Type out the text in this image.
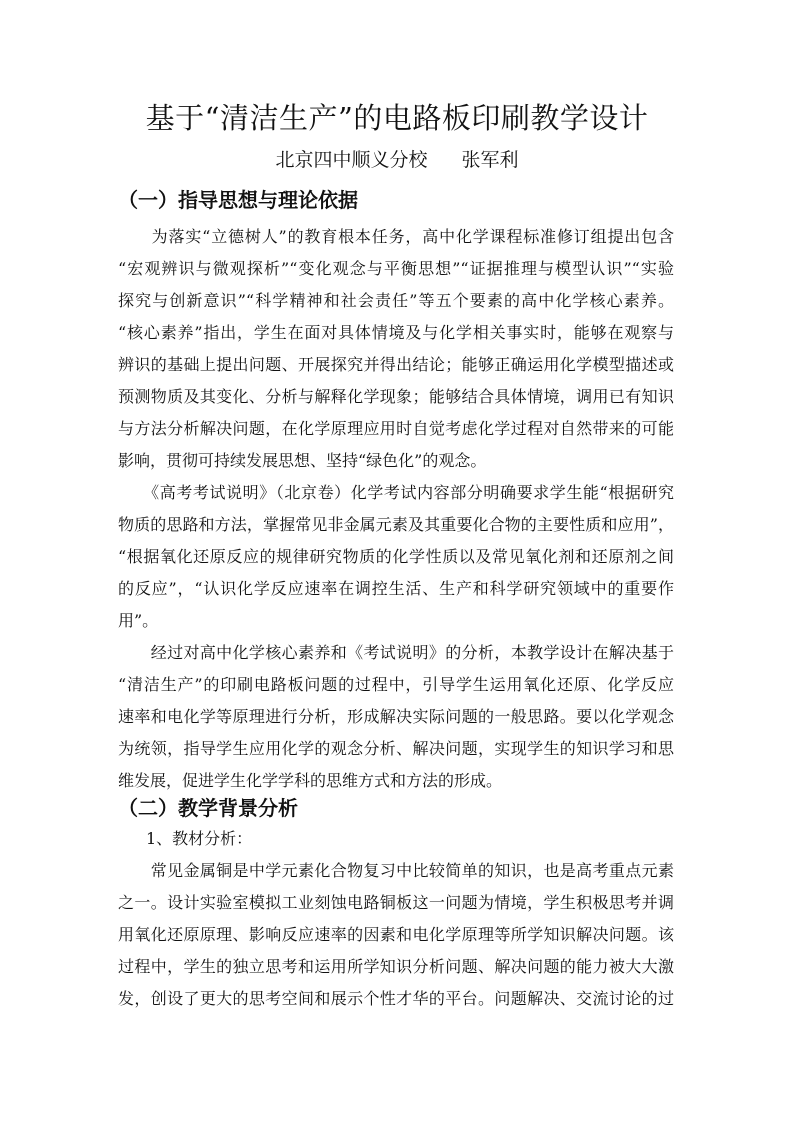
基于“清洁生产”的电路板印刷教学设计

北京四中顺义分校 张军利

（一）指导思想与理论依据

　　为落实“立德树人”的教育根本任务，高中化学课程标准修订组提出包含

“宏观辨识与微观探析”“变化观念与平衡思想”“证据推理与模型认识”“实验

探究与创新意识”“科学精神和社会责任”等五个要素的高中化学核心素养。

“核心素养”指出，学生在面对具体情境及与化学相关事实时，能够在观察与

辨识的基础上提出问题、开展探究并得出结论；能够正确运用化学模型描述或

预测物质及其变化、分析与解释化学现象；能够结合具体情境，调用已有知识

与方法分析解决问题，在化学原理应用时自觉考虑化学过程对自然带来的可能

影响，贯彻可持续发展思想、坚持“绿色化”的观念。

　　《高考考试说明》（北京卷）化学考试内容部分明确要求学生能“根据研究

物质的思路和方法，掌握常见非金属元素及其重要化合物的主要性质和应用”，

“根据氧化还原反应的规律研究物质的化学性质以及常见氧化剂和还原剂之间

的反应”，“认识化学反应速率在调控生活、生产和科学研究领域中的重要作

用”。

　　经过对高中化学核心素养和《考试说明》的分析，本教学设计在解决基于

“清洁生产”的印刷电路板问题的过程中，引导学生运用氧化还原、化学反应

速率和电化学等原理进行分析，形成解决实际问题的一般思路。要以化学观念

为统领，指导学生应用化学的观念分析、解决问题，实现学生的知识学习和思

维发展，促进学生化学学科的思维方式和方法的形成。

（二）教学背景分析

1、教材分析：

　　常见金属铜是中学元素化合物复习中比较简单的知识，也是高考重点元素

之一。设计实验室模拟工业刻蚀电路铜板这一问题为情境，学生积极思考并调

用氧化还原原理、影响反应速率的因素和电化学原理等所学知识解决问题。该

过程中，学生的独立思考和运用所学知识分析问题、解决问题的能力被大大激

发，创设了更大的思考空间和展示个性才华的平台。问题解决、交流讨论的过
